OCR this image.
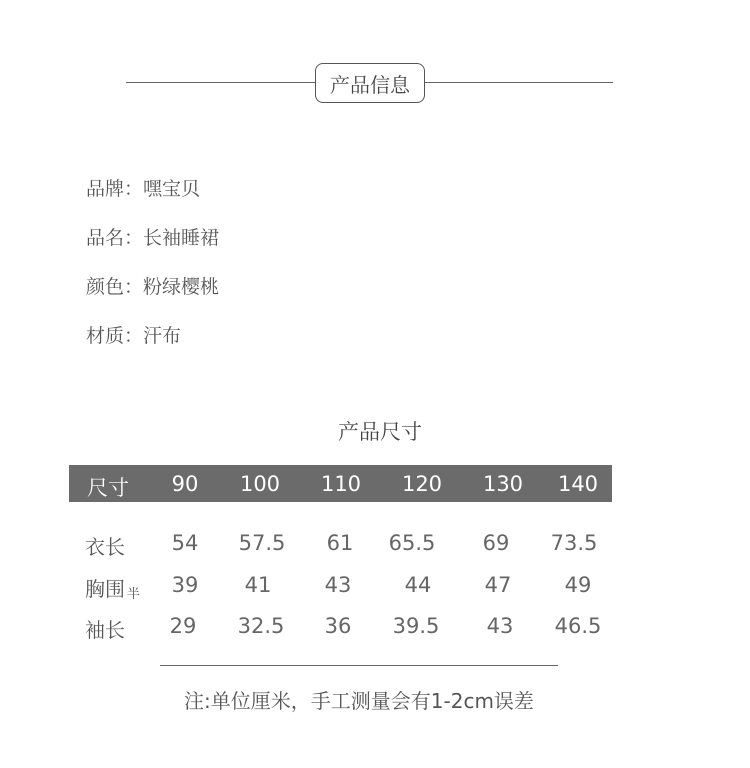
产品信息
品牌：嘿宝贝
品名：长袖睡裙
颜色：粉绿樱桃
材质：汗布
产品尺寸
尺寸 90 100 110 120 130 140
衣长 54 57.5 61 65.5 69 73.5
胸围 $_半$ 39 41	43	44	47	49
袖长 29 32.5 36 39.5 43 46.5
注:单位厘米，手工测量会有1-2cm误差
